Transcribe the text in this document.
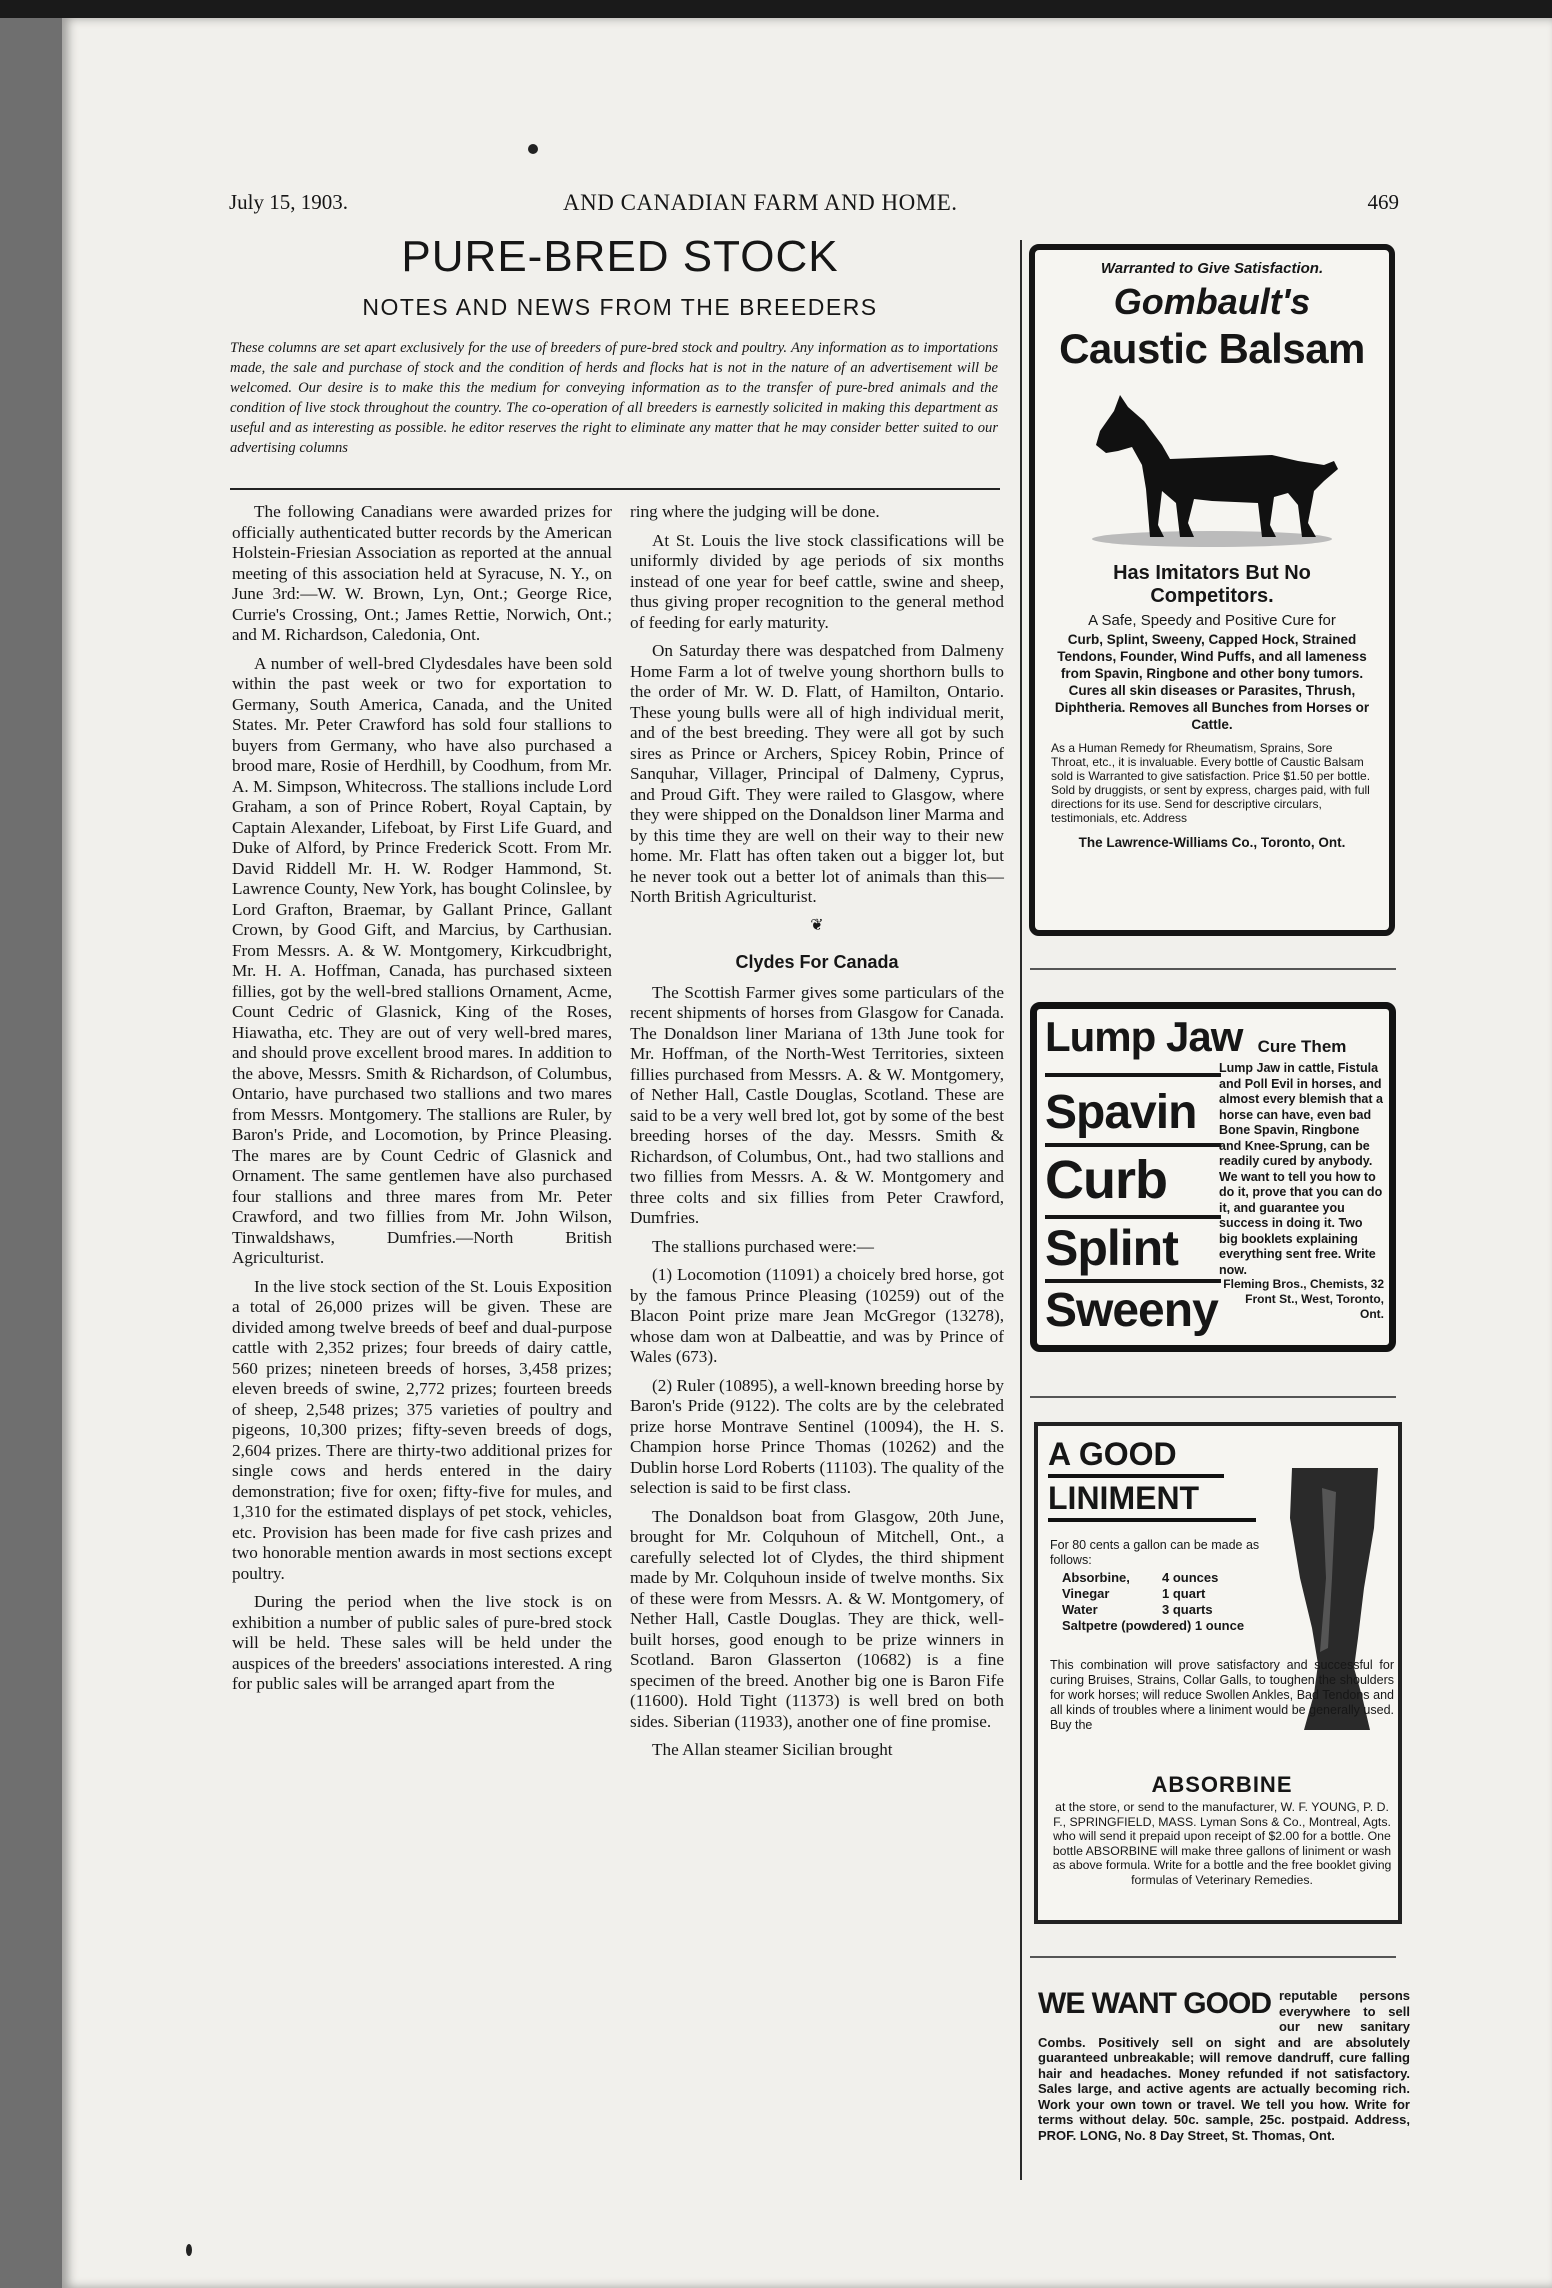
July 15, 1903.	AND CANADIAN FARM AND HOME.	469
PURE-BRED STOCK
NOTES AND NEWS FROM THE BREEDERS
These columns are set apart exclusively for the use of breeders of pure-bred stock and poultry. Any information as to importations made, the sale and purchase of stock and the condition of herds and flocks hat is not in the nature of an advertisement will be welcomed. Our desire is to make this the medium for conveying information as to the transfer of pure-bred animals and the condition of live stock throughout the country. The co-operation of all breeders is earnestly solicited in making this department as useful and as interesting as possible. he editor reserves the right to eliminate any matter that he may consider better suited to our advertising columns

The following Canadians were awarded prizes for officially authenticated butter records by the American Holstein-Friesian Association as reported at the annual meeting of this association held at Syracuse, N. Y., on June 3rd:—W. W. Brown, Lyn, Ont.; George Rice, Currie's Crossing, Ont.; James Rettie, Norwich, Ont.; and M. Richardson, Caledonia, Ont.

A number of well-bred Clydesdales have been sold within the past week or two for exportation to Germany, South America, Canada, and the United States. Mr. Peter Crawford has sold four stallions to buyers from Germany, who have also purchased a brood mare, Rosie of Herdhill, by Coodhum, from Mr. A. M. Simpson, Whitecross. The stallions include Lord Graham, a son of Prince Robert, Royal Captain, by Captain Alexander, Lifeboat, by First Life Guard, and Duke of Alford, by Prince Frederick Scott. From Mr. David Riddell Mr. H. W. Rodger Hammond, St. Lawrence County, New York, has bought Colinslee, by Lord Grafton, Braemar, by Gallant Prince, Gallant Crown, by Good Gift, and Marcius, by Carthusian. From Messrs. A. & W. Montgomery, Kirkcudbright, Mr. H. A. Hoffman, Canada, has purchased sixteen fillies, got by the well-bred stallions Ornament, Acme, Count Cedric of Glasnick, King of the Roses, Hiawatha, etc. They are out of very well-bred mares, and should prove excellent brood mares. In addition to the above, Messrs. Smith & Richardson, of Columbus, Ontario, have purchased two stallions and two mares from Messrs. Montgomery. The stallions are Ruler, by Baron's Pride, and Locomotion, by Prince Pleasing. The mares are by Count Cedric of Glasnick and Ornament. The same gentlemen have also purchased four stallions and three mares from Mr. Peter Crawford, and two fillies from Mr. John Wilson, Tinwaldshaws, Dumfries.—North British Agriculturist.

In the live stock section of the St. Louis Exposition a total of 26,000 prizes will be given. These are divided among twelve breeds of beef and dual-purpose cattle with 2,352 prizes; four breeds of dairy cattle, 560 prizes; nineteen breeds of horses, 3,458 prizes; eleven breeds of swine, 2,772 prizes; fourteen breeds of sheep, 2,548 prizes; 375 varieties of poultry and pigeons, 10,300 prizes; fifty-seven breeds of dogs, 2,604 prizes. There are thirty-two additional prizes for single cows and herds entered in the dairy demonstration; five for oxen; fifty-five for mules, and 1,310 for the estimated displays of pet stock, vehicles, etc. Provision has been made for five cash prizes and two honorable mention awards in most sections except poultry.

During the period when the live stock is on exhibition a number of public sales of pure-bred stock will be held. These sales will be held under the auspices of the breeders' associations interested. A ring for public sales will be arranged apart from the

ring where the judging will be done.

At St. Louis the live stock classifications will be uniformly divided by age periods of six months instead of one year for beef cattle, swine and sheep, thus giving proper recognition to the general method of feeding for early maturity.

On Saturday there was despatched from Dalmeny Home Farm a lot of twelve young shorthorn bulls to the order of Mr. W. D. Flatt, of Hamilton, Ontario. These young bulls were all of high individual merit, and of the best breeding. They were all got by such sires as Prince or Archers, Spicey Robin, Prince of Sanquhar, Villager, Principal of Dalmeny, Cyprus, and Proud Gift. They were railed to Glasgow, where they were shipped on the Donaldson liner Marma and by this time they are well on their way to their new home. Mr. Flatt has often taken out a bigger lot, but he never took out a better lot of animals than this—North British Agriculturist.

❦
Clydes For Canada

The Scottish Farmer gives some particulars of the recent shipments of horses from Glasgow for Canada. The Donaldson liner Mariana of 13th June took for Mr. Hoffman, of the North-West Territories, sixteen fillies purchased from Messrs. A. & W. Montgomery, of Nether Hall, Castle Douglas, Scotland. These are said to be a very well bred lot, got by some of the best breeding horses of the day. Messrs. Smith & Richardson, of Columbus, Ont., had two stallions and two fillies from Messrs. A. & W. Montgomery and three colts and six fillies from Peter Crawford, Dumfries.

The stallions purchased were:—

(1) Locomotion (11091) a choicely bred horse, got by the famous Prince Pleasing (10259) out of the Blacon Point prize mare Jean McGregor (13278), whose dam won at Dalbeattie, and was by Prince of Wales (673).

(2) Ruler (10895), a well-known breeding horse by Baron's Pride (9122). The colts are by the celebrated prize horse Montrave Sentinel (10094), the H. S. Champion horse Prince Thomas (10262) and the Dublin horse Lord Roberts (11103). The quality of the selection is said to be first class.

The Donaldson boat from Glasgow, 20th June, brought for Mr. Colquhoun of Mitchell, Ont., a carefully selected lot of Clydes, the third shipment made by Mr. Colquhoun inside of twelve months. Six of these were from Messrs. A. & W. Montgomery, of Nether Hall, Castle Douglas. They are thick, well-built horses, good enough to be prize winners in Scotland. Baron Glasserton (10682) is a fine specimen of the breed. Another big one is Baron Fife (11600). Hold Tight (11373) is well bred on both sides. Siberian (11933), another one of fine promise.

The Allan steamer Sicilian brought

Warranted to Give Satisfaction.
Gombault's
Caustic Balsam
Has Imitators But No Competitors.
A Safe, Speedy and Positive Cure for
Curb, Splint, Sweeny, Capped Hock, Strained Tendons, Founder, Wind Puffs, and all lameness from Spavin, Ringbone and other bony tumors. Cures all skin diseases or Parasites, Thrush, Diphtheria. Removes all Bunches from Horses or Cattle.
As a Human Remedy for Rheumatism, Sprains, Sore Throat, etc., it is invaluable. Every bottle of Caustic Balsam sold is Warranted to give satisfaction. Price $1.50 per bottle. Sold by druggists, or sent by express, charges paid, with full directions for its use. Send for descriptive circulars, testimonials, etc. Address
The Lawrence-Williams Co., Toronto, Ont.
Lump Jaw
Spavin
Curb
Splint
Sweeny
Cure Them
Lump Jaw in cattle, Fistula and Poll Evil in horses, and almost every blemish that a horse can have, even bad Bone Spavin, Ringbone and Knee-Sprung, can be readily cured by anybody. We want to tell you how to do it, prove that you can do it, and guarantee you success in doing it. Two big booklets explaining everything sent free. Write now.
Fleming Bros., Chemists, 32 Front St., West, Toronto, Ont.
A GOOD
LINIMENT
For 80 cents a gallon can be made as follows:
Absorbine, 4 ounces
Vinegar	1 quart
Water	3 quarts
Saltpetre (powdered) 1 ounce
This combination will prove satisfactory and successful for curing Bruises, Strains, Collar Galls, to toughen the shoulders for work horses; will reduce Swollen Ankles, Bad Tendons and all kinds of troubles where a liniment would be generally used. Buy the
ABSORBINE
at the store, or send to the manufacturer, W. F. YOUNG, P. D. F., SPRINGFIELD, MASS. Lyman Sons & Co., Montreal, Agts. who will send it prepaid upon receipt of $2.00 for a bottle. One bottle ABSORBINE will make three gallons of liniment or wash as above formula. Write for a bottle and the free booklet giving formulas of Veterinary Remedies.
WE WANT GOOD reputable persons everywhere to sell our new sanitary Combs. Positively sell on sight and are absolutely guaranteed unbreakable; will remove dandruff, cure falling hair and headaches. Money refunded if not satisfactory. Sales large, and active agents are actually becoming rich. Work your own town or travel. We tell you how. Write for terms without delay. 50c. sample, 25c. postpaid. Address, PROF. LONG, No. 8 Day Street, St. Thomas, Ont.
